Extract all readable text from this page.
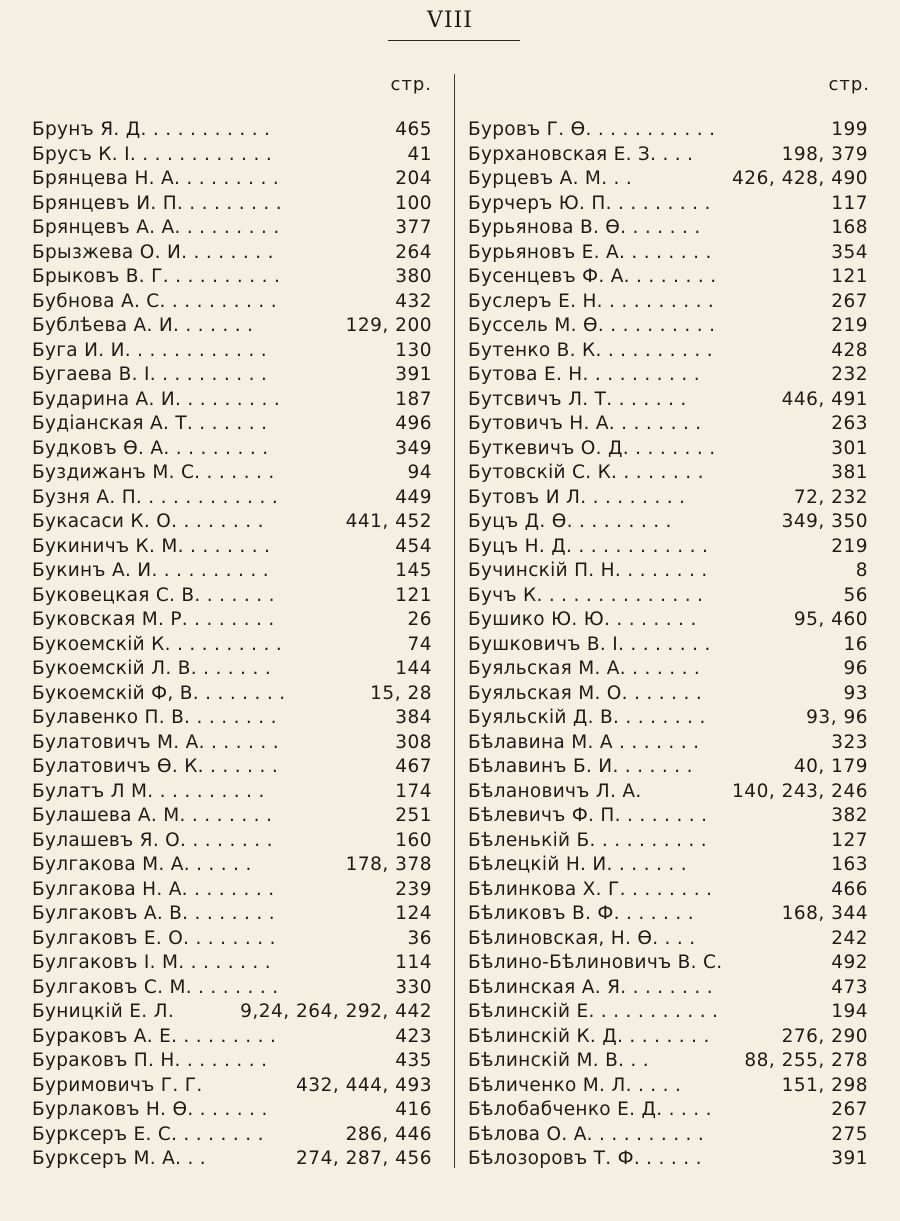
VIII
стр.	стр.
Брунъ Я. Д. . . . . . . . . . .	465
Брусъ К. I. . . . . . . . . . . .	41
Брянцева Н. А. . . . . . . . .	204
Брянцевъ И. П. . . . . . . . .	100
Брянцевъ А. А. . . . . . . . .	377
Брызжева О. И. . . . . . . .	264
Брыковъ В. Г. . . . . . . . . .	380
Бубнова А. С. . . . . . . . . .	432
Бублѣева А. И. . . . . . .	129, 200
Буга И. И. . . . . . . . . . . .	130
Бугаева В. I. . . . . . . . . .	391
Бударина А. И. . . . . . . . .	187
Будiанская А. Т. . . . . . .	496
Будковъ Ѳ. А. . . . . . . . .	349
Буздижанъ М. С. . . . . . .	94
Бузня А. П. . . . . . . . . . . .	449
Букасаси К. О. . . . . . . .	441, 452
Букиничъ К. М. . . . . . . .	454
Букинъ А. И. . . . . . . . . .	145
Буковецкая С. В. . . . . . .	121
Буковская М. Р. . . . . . . .	26
Букоемскiй К. . . . . . . . . .	74
Букоемскiй Л. В. . . . . . .	144
Букоемскiй Ф, В. . . . . . . .	15, 28
Булавенко П. В. . . . . . . .	384
Булатовичъ М. А. . . . . . .	308
Булатовичъ Ѳ. К. . . . . . .	467
Булатъ Л М. . . . . . . . . .	174
Булашева А. М. . . . . . . .	251
Булашевъ Я. О. . . . . . . .	160
Булгакова М. А. . . . . .	178, 378
Булгакова Н. А. . . . . . . .	239
Булгаковъ А. В. . . . . . . .	124
Булгаковъ Е. О. . . . . . . .	36
Булгаковъ I. М. . . . . . . .	114
Булгаковъ С. М. . . . . . . .	330
Буницкiй Е. Л.	9,24, 264, 292, 442
Бураковъ А. Е. . . . . . . . .	423
Бураковъ П. Н. . . . . . . .	435
Буримовичъ Г. Г.	432, 444, 493
Бурлаковъ Н. Ѳ. . . . . . .	416
Бурксеръ Е. С. . . . . . . .	286, 446
Бурксеръ М. А. . .	274, 287, 456
Буровъ Г. Ѳ. . . . . . . . . . .	199
Бурхановская Е. З. . . .	198, 379
Бурцевъ А. М. . .	426, 428, 490
Бурчеръ Ю. П. . . . . . . . .	117
Бурьянова В. Ѳ. . . . . . .	168
Бурьяновъ Е. А. . . . . . . .	354
Бусенцевъ Ф. А. . . . . . . .	121
Буслеръ Е. Н. . . . . . . . . .	267
Буссель М. Ѳ. . . . . . . . . .	219
Бутенко В. К. . . . . . . . . .	428
Бутова Е. Н. . . . . . . . . .	232
Бутсвичъ Л. Т. . . . . . .	446, 491
Бутовичъ Н. А. . . . . . . .	263
Буткевичъ О. Д. . . . . . . .	301
Бутовскiй С. К. . . . . . . .	381
Бутовъ И Л. . . . . . . . .	72, 232
Буцъ Д. Ѳ. . . . . . . . .	349, 350
Буцъ Н. Д. . . . . . . . . . . .	219
Бучинскiй П. Н. . . . . . . .	8
Бучъ К. . . . . . . . . . . . . .	56
Бушико Ю. Ю. . . . . . . .	95, 460
Бушковичъ В. I. . . . . . . .	16
Буяльская М. А. . . . . . .	96
Буяльская М. О. . . . . . .	93
Буяльскiй Д. В. . . . . . . .	93, 96
Бѣлавина М. А . . . . . . .	323
Бѣлавинъ Б. И. . . . . . .	40, 179
Бѣлановичъ Л. А.	140, 243, 246
Бѣлевичъ Ф. П. . . . . . . .	382
Бѣленькiй Б. . . . . . . . . .	127
Бѣлецкiй Н. И. . . . . . .	163
Бѣлинкова Х. Г. . . . . . . .	466
Бѣликовъ В. Ф. . . . . . .	168, 344
Бѣлиновская, Н. Ѳ. . . .	242
Бѣлино-Бѣлиновичъ В. С.	492
Бѣлинская А. Я. . . . . . . .	473
Бѣлинскiй Е. . . . . . . . . . .	194
Бѣлинскiй К. Д. . . . . . . .	276, 290
Бѣлинскiй М. В. . .	88, 255, 278
Бѣличенко М. Л. . . . .	151, 298
Бѣлобабченко Е. Д. . . . .	267
Бѣлова О. А. . . . . . . . . .	275
Бѣлозоровъ Т. Ф. . . . . .	391
